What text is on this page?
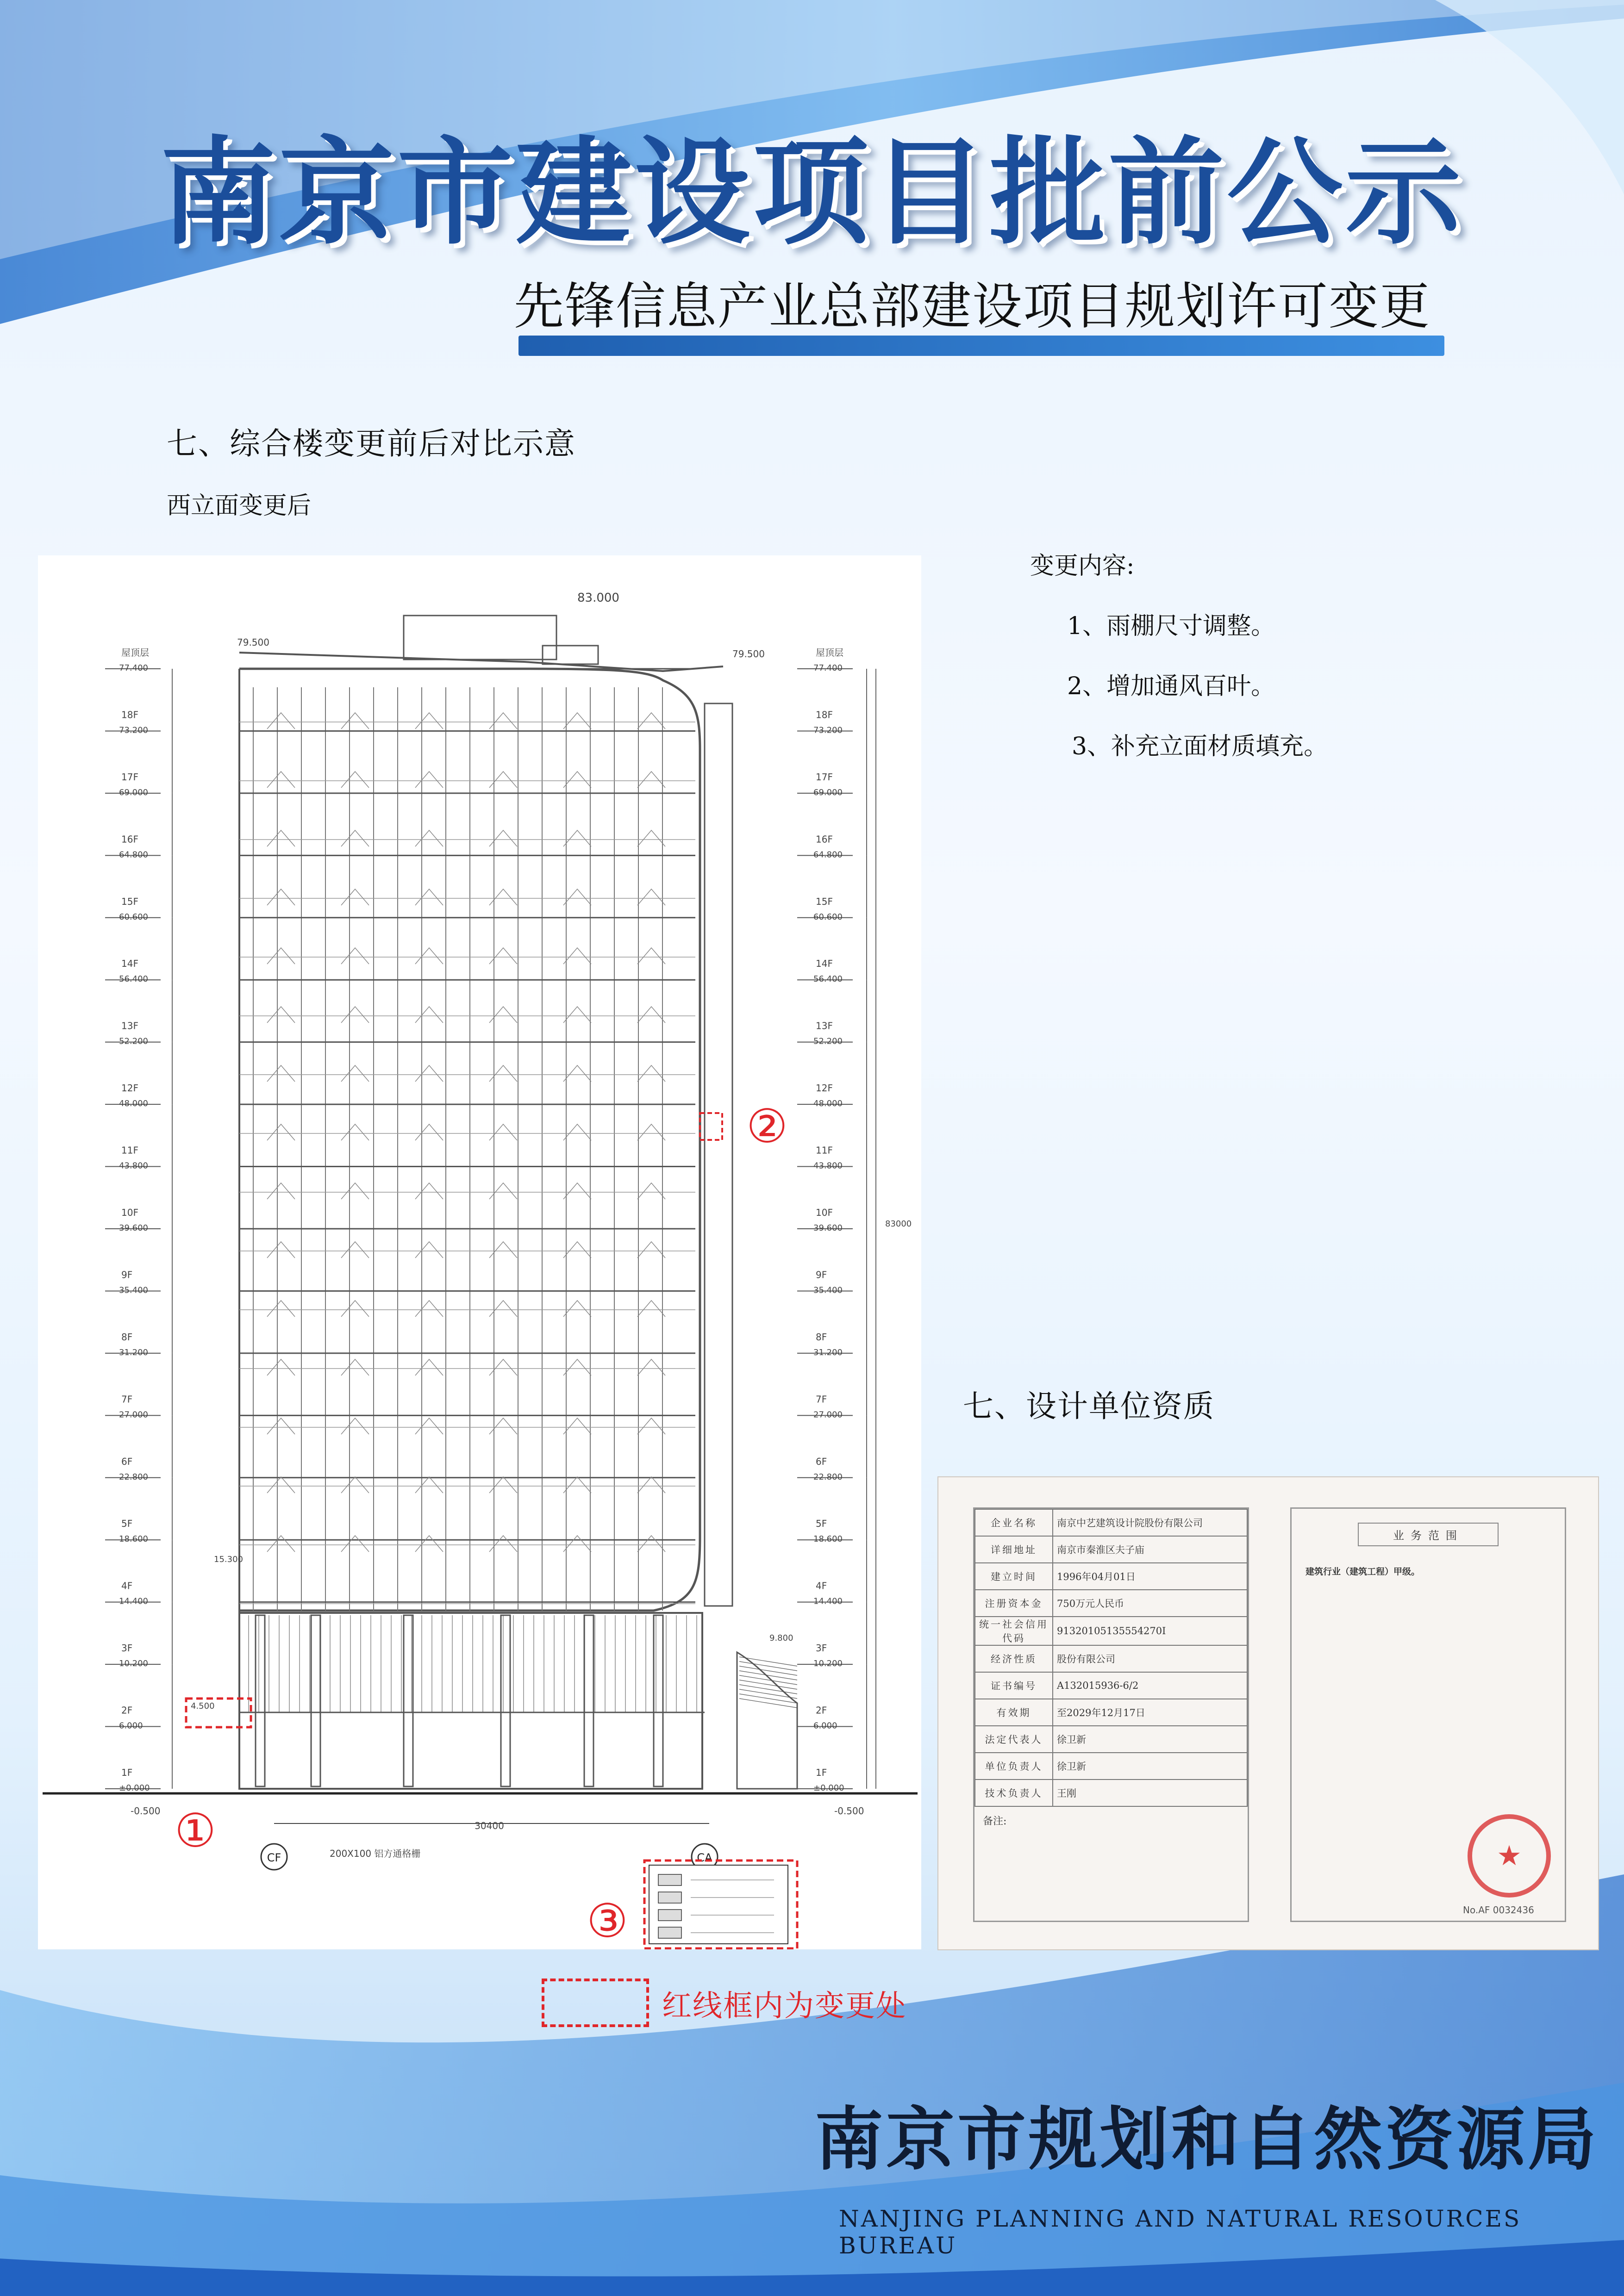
南京市建设项目批前公示
先锋信息产业总部建设项目规划许可变更
七、综合楼变更前后对比示意
西立面变更后
屋顶层
77.400
18F
73.200
17F
69.000
16F
64.800
15F
60.600
14F
56.400
13F
52.200
12F
48.000
11F
43.800
10F
39.600
9F
35.400
8F
31.200
7F
27.000
6F
22.800
5F
18.600
4F
14.400
3F
10.200
2F
6.000
1F
±0.000
屋顶层
77.400
18F
73.200
17F
69.000
16F
64.800
15F
60.600
14F
56.400
13F
52.200
12F
48.000
11F
43.800
10F
39.600
9F
35.400
8F
31.200
7F
27.000
6F
22.800
5F
18.600
4F
14.400
3F
10.200
2F
6.000
1F
±0.000
83000
83.000
79.500
79.500
-0.500	-0.500
4.500
9.800
15.300
30400
200X100 铝方通格栅
CF	CA
①
②
③
变更内容:
1、雨棚尺寸调整。
2、增加通风百叶。
3、补充立面材质填充。
七、设计单位资质
企业名称	南京中艺建筑设计院股份有限公司
详细地址	南京市秦淮区夫子庙
建立时间	1996年04月01日
注册资本金	750万元人民币
统一社会信用代码	91320105135554270I
经济性质	股份有限公司
证书编号	A132015936-6/2
有效期	至2029年12月17日
法定代表人	徐卫新
单位负责人	徐卫新
技术负责人	王刚
备注:
业务范围
建筑行业（建筑工程）甲级。
★
No.AF 0032436
红线框内为变更处
南京市规划和自然资源局
NANJING PLANNING AND NATURAL RESOURCES BUREAU
